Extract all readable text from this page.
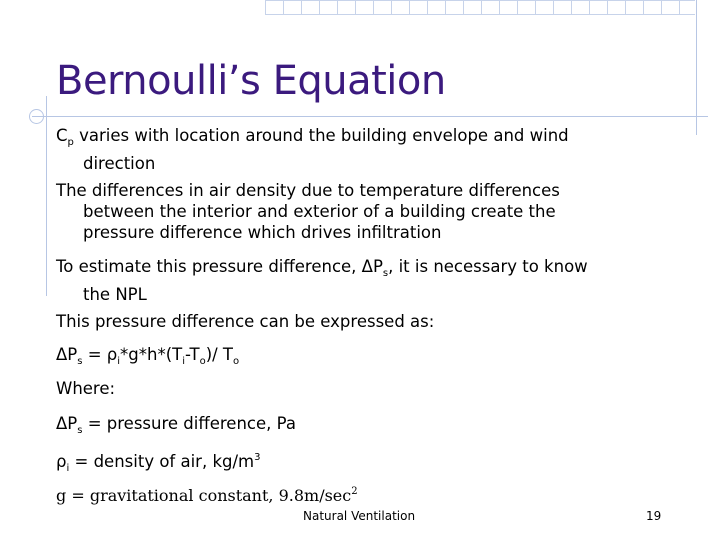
Bernoulli’s Equation
$C_p$ varies with location around the building envelope and wind
direction
The differences in air density due to temperature differences
between the interior and exterior of a building create the
pressure difference which drives infiltration
To estimate this pressure difference, $\Delta P_s$, it is necessary to know
the NPL
This pressure difference can be expressed as:
$\Delta P_s = \rho_i*g*h*(T_i-T_o)/$ $T_o$
Where:
$\Delta P_s$ = pressure difference, Pa
$\rho_i$ = density of air, $kg/m^3$
g = gravitational constant, $9.8m/\sec^2$
Natural Ventilation	19
